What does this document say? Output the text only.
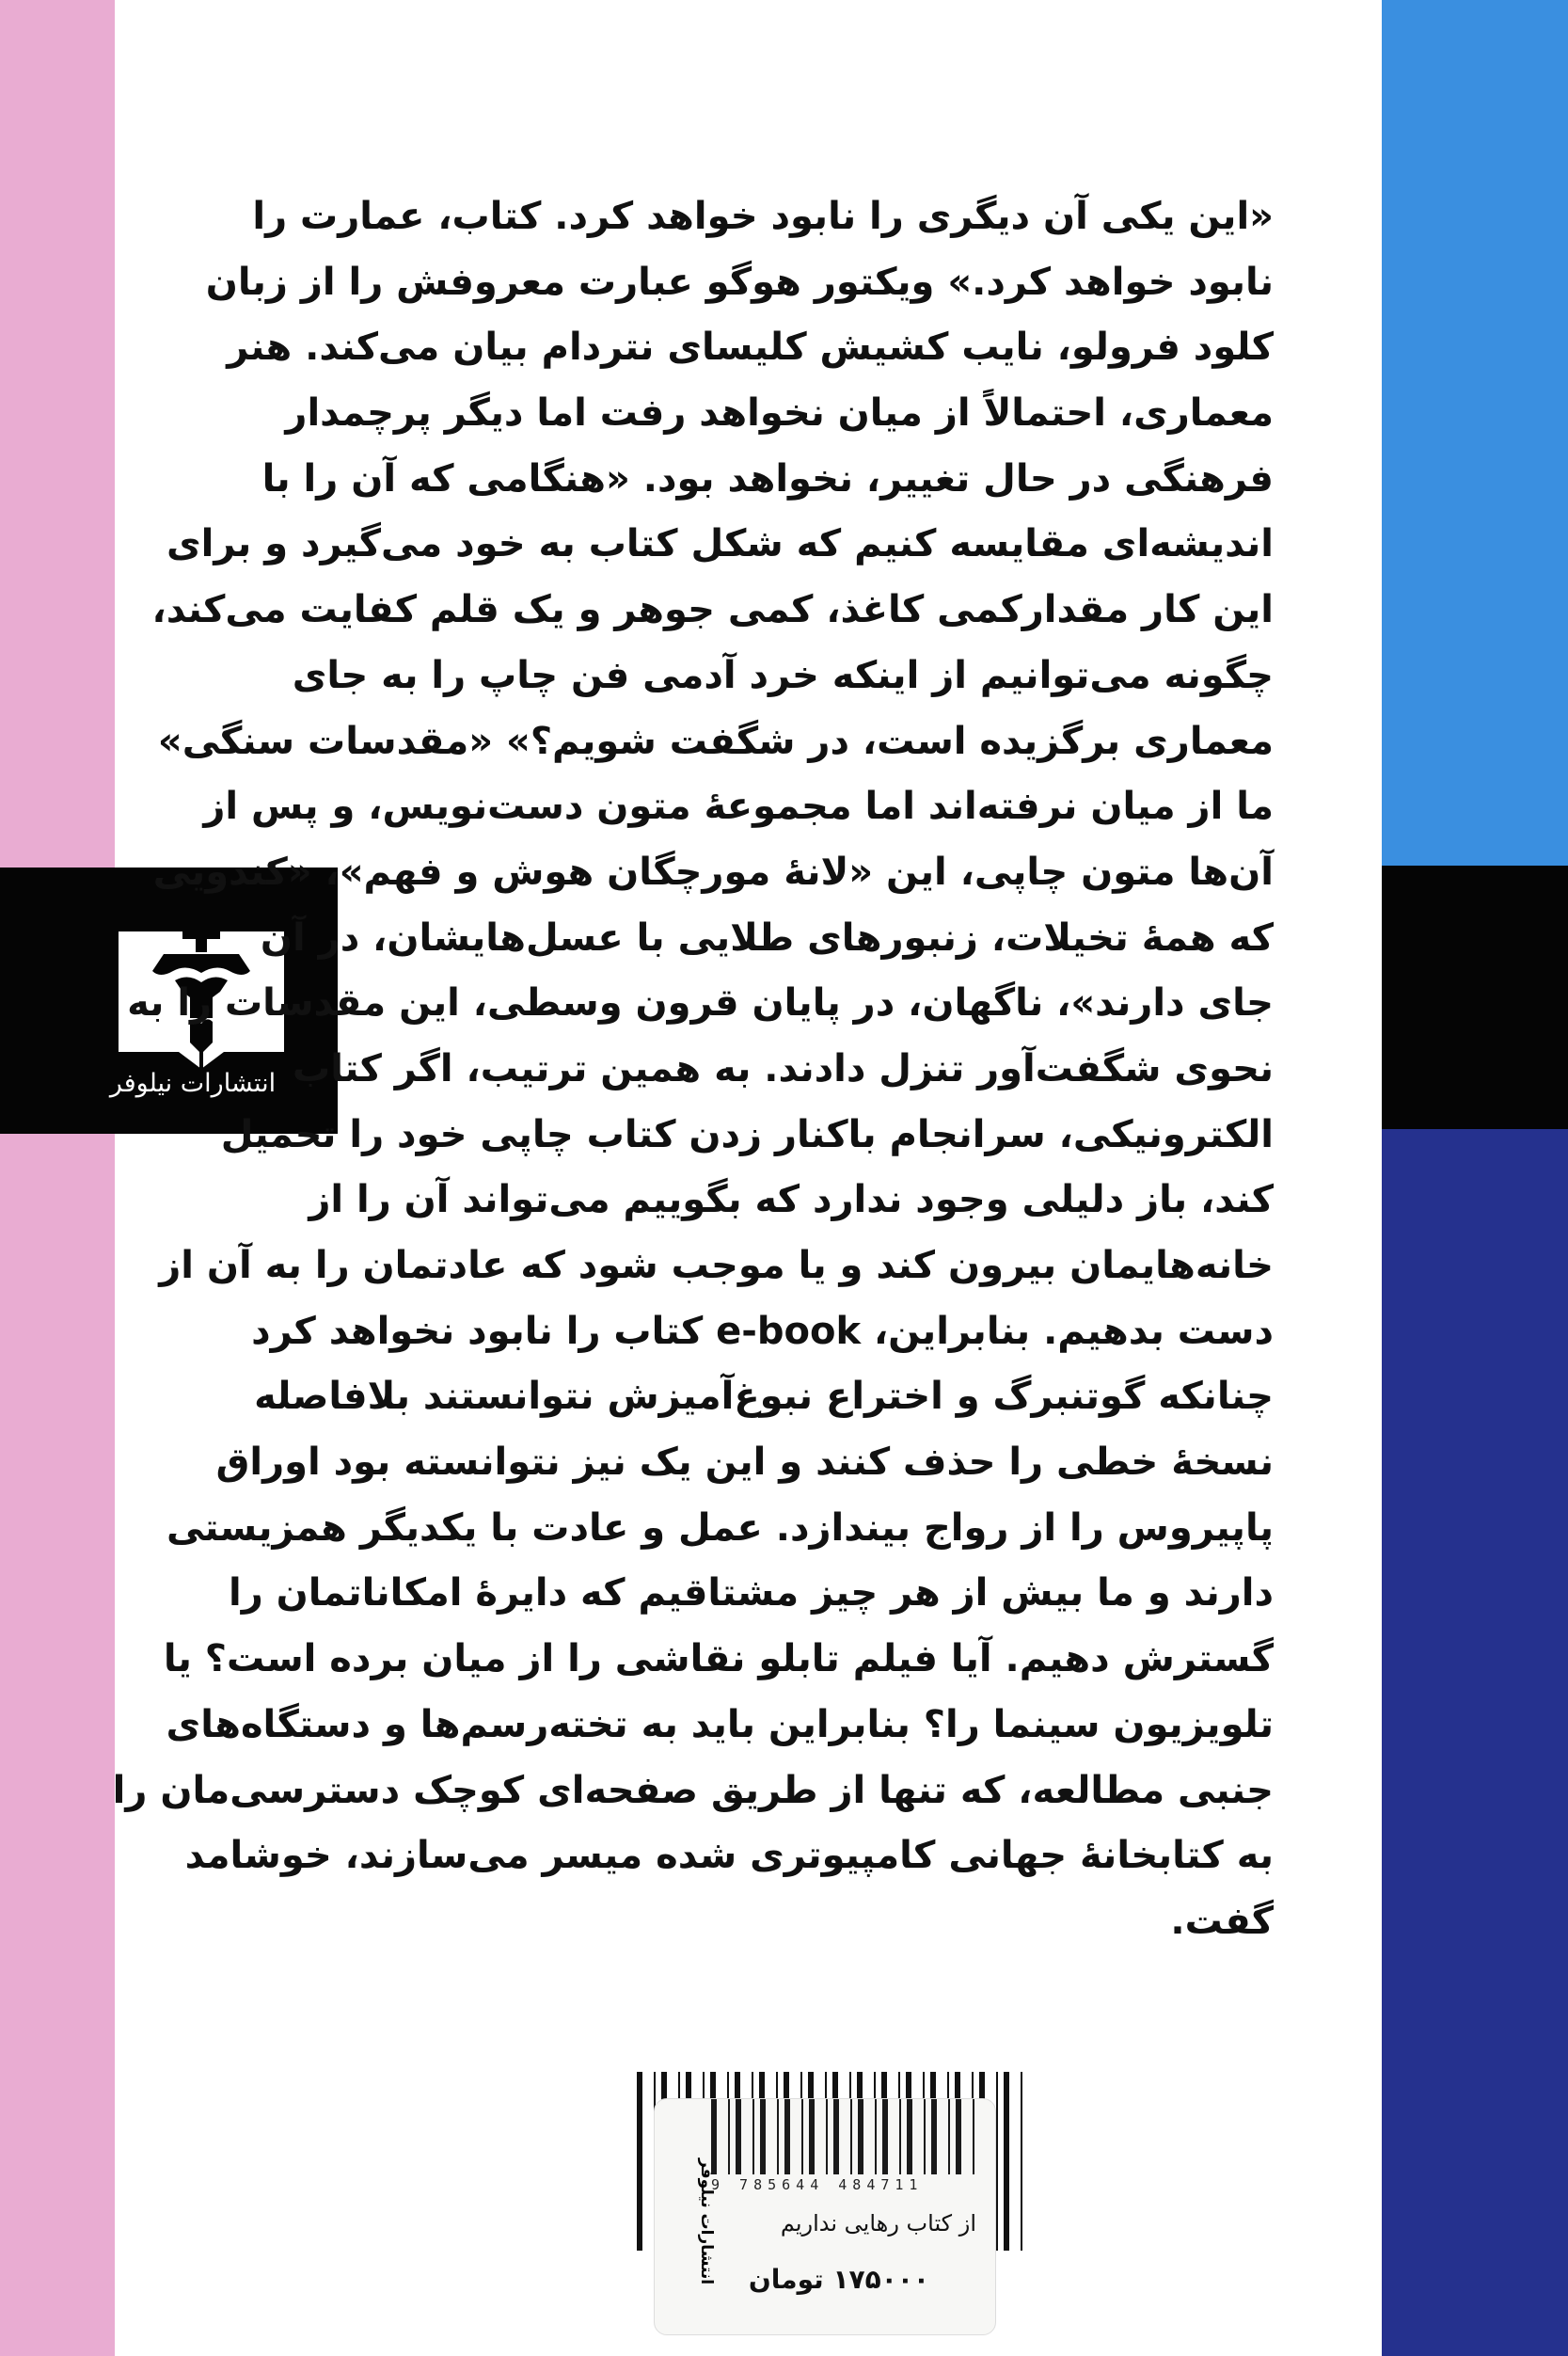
انتشارات نیلوفر
«این یکی آن دیگری را نابود خواهد کرد. کتاب، عمارت را
نابود خواهد کرد.» ویکتور هوگو عبارت معروفش را از زبان
کلود فرولو، نایب کشیش کلیسای نتردام بیان می‌کند. هنر
معماری، احتمالاً از میان نخواهد رفت اما دیگر پرچمدار
فرهنگی در حال تغییر، نخواهد بود. «هنگامی که آن را با
اندیشه‌ای مقایسه کنیم که شکل کتاب به خود می‌گیرد و برای
این کار مقدارکمی کاغذ، کمی جوهر و یک قلم کفایت می‌کند،
چگونه می‌توانیم از اینکه خرد آدمی فن چاپ را به جای
معماری برگزیده است، در شگفت شویم؟» «مقدسات سنگی»
ما از میان نرفته‌اند اما مجموعهٔ متون دست‌نویس، و پس از
آن‌ها متون چاپی، این «لانهٔ مورچگان هوش و فهم»، «کندویی
که همهٔ تخیلات، زنبورهای طلایی با عسل‌هایشان، در آن
جای دارند»، ناگهان، در پایان قرون وسطی، این مقدسات را به
نحوی شگفت‌آور تنزل دادند. به همین ترتیب، اگر کتاب
الکترونیکی، سرانجام باکنار زدن کتاب چاپی خود را تحمیل
کند، باز دلیلی وجود ندارد که بگوییم می‌تواند آن را از
خانه‌هایمان بیرون کند و یا موجب شود که عادتمان را به آن از
دست بدهیم. بنابراین، e-book کتاب را نابود نخواهد کرد
چنانکه گوتنبرگ و اختراع نبوغ‌آمیزش نتوانستند بلافاصله
نسخهٔ خطی را حذف کنند و این یک نیز نتوانسته بود اوراق
پاپیروس را از رواج بیندازد. عمل و عادت با یکدیگر همزیستی
دارند و ما بیش از هر چیز مشتاقیم که دایرهٔ امکاناتمان را
گسترش دهیم. آیا فیلم تابلو نقاشی را از میان برده است؟ یا
تلویزیون سینما را؟ بنابراین باید به تخته‌رسم‌ها و دستگاه‌های
جنبی مطالعه، که تنها از طریق صفحه‌ای کوچک دسترسی‌مان را
به کتابخانهٔ جهانی کامپیوتری شده میسر می‌سازند، خوشامد
گفت.
9 785644 484711
انتشارات نیلوفر	از کتاب رهایی نداریم
۱۷۵۰۰۰ تومان
